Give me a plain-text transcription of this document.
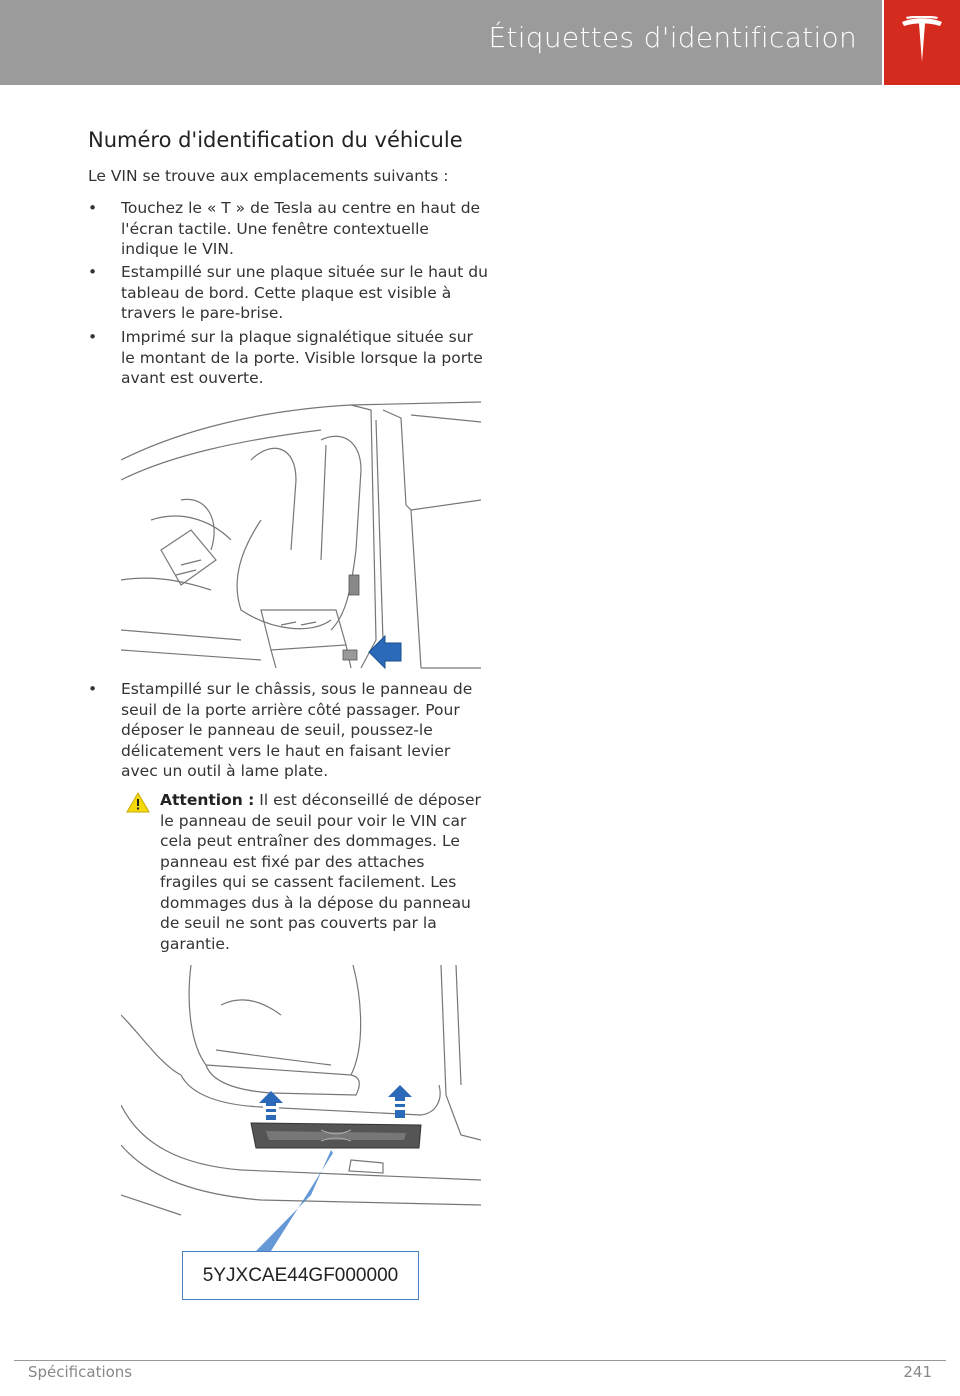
Étiquettes d'identification
Numéro d'identification du véhicule
Le VIN se trouve aux emplacements suivants :
•	Touchez le « T » de Tesla au centre en haut de l'écran tactile. Une fenêtre contextuelle indique le VIN.
•	Estampillé sur une plaque située sur le haut du tableau de bord. Cette plaque est visible à travers le pare-brise.
•	Imprimé sur la plaque signalétique située sur le montant de la porte. Visible lorsque la porte avant est ouverte.
•	Estampillé sur le châssis, sous le panneau de seuil de la porte arrière côté passager. Pour déposer le panneau de seuil, poussez-le délicatement vers le haut en faisant levier avec un outil à lame plate.
Attention : Il est déconseillé de déposer le panneau de seuil pour voir le VIN car cela peut entraîner des dommages. Le panneau est fixé par des attaches fragiles qui se cassent facilement. Les dommages dus à la dépose du panneau de seuil ne sont pas couverts par la garantie.
5YJXCAE44GF000000
Spécifications	241
